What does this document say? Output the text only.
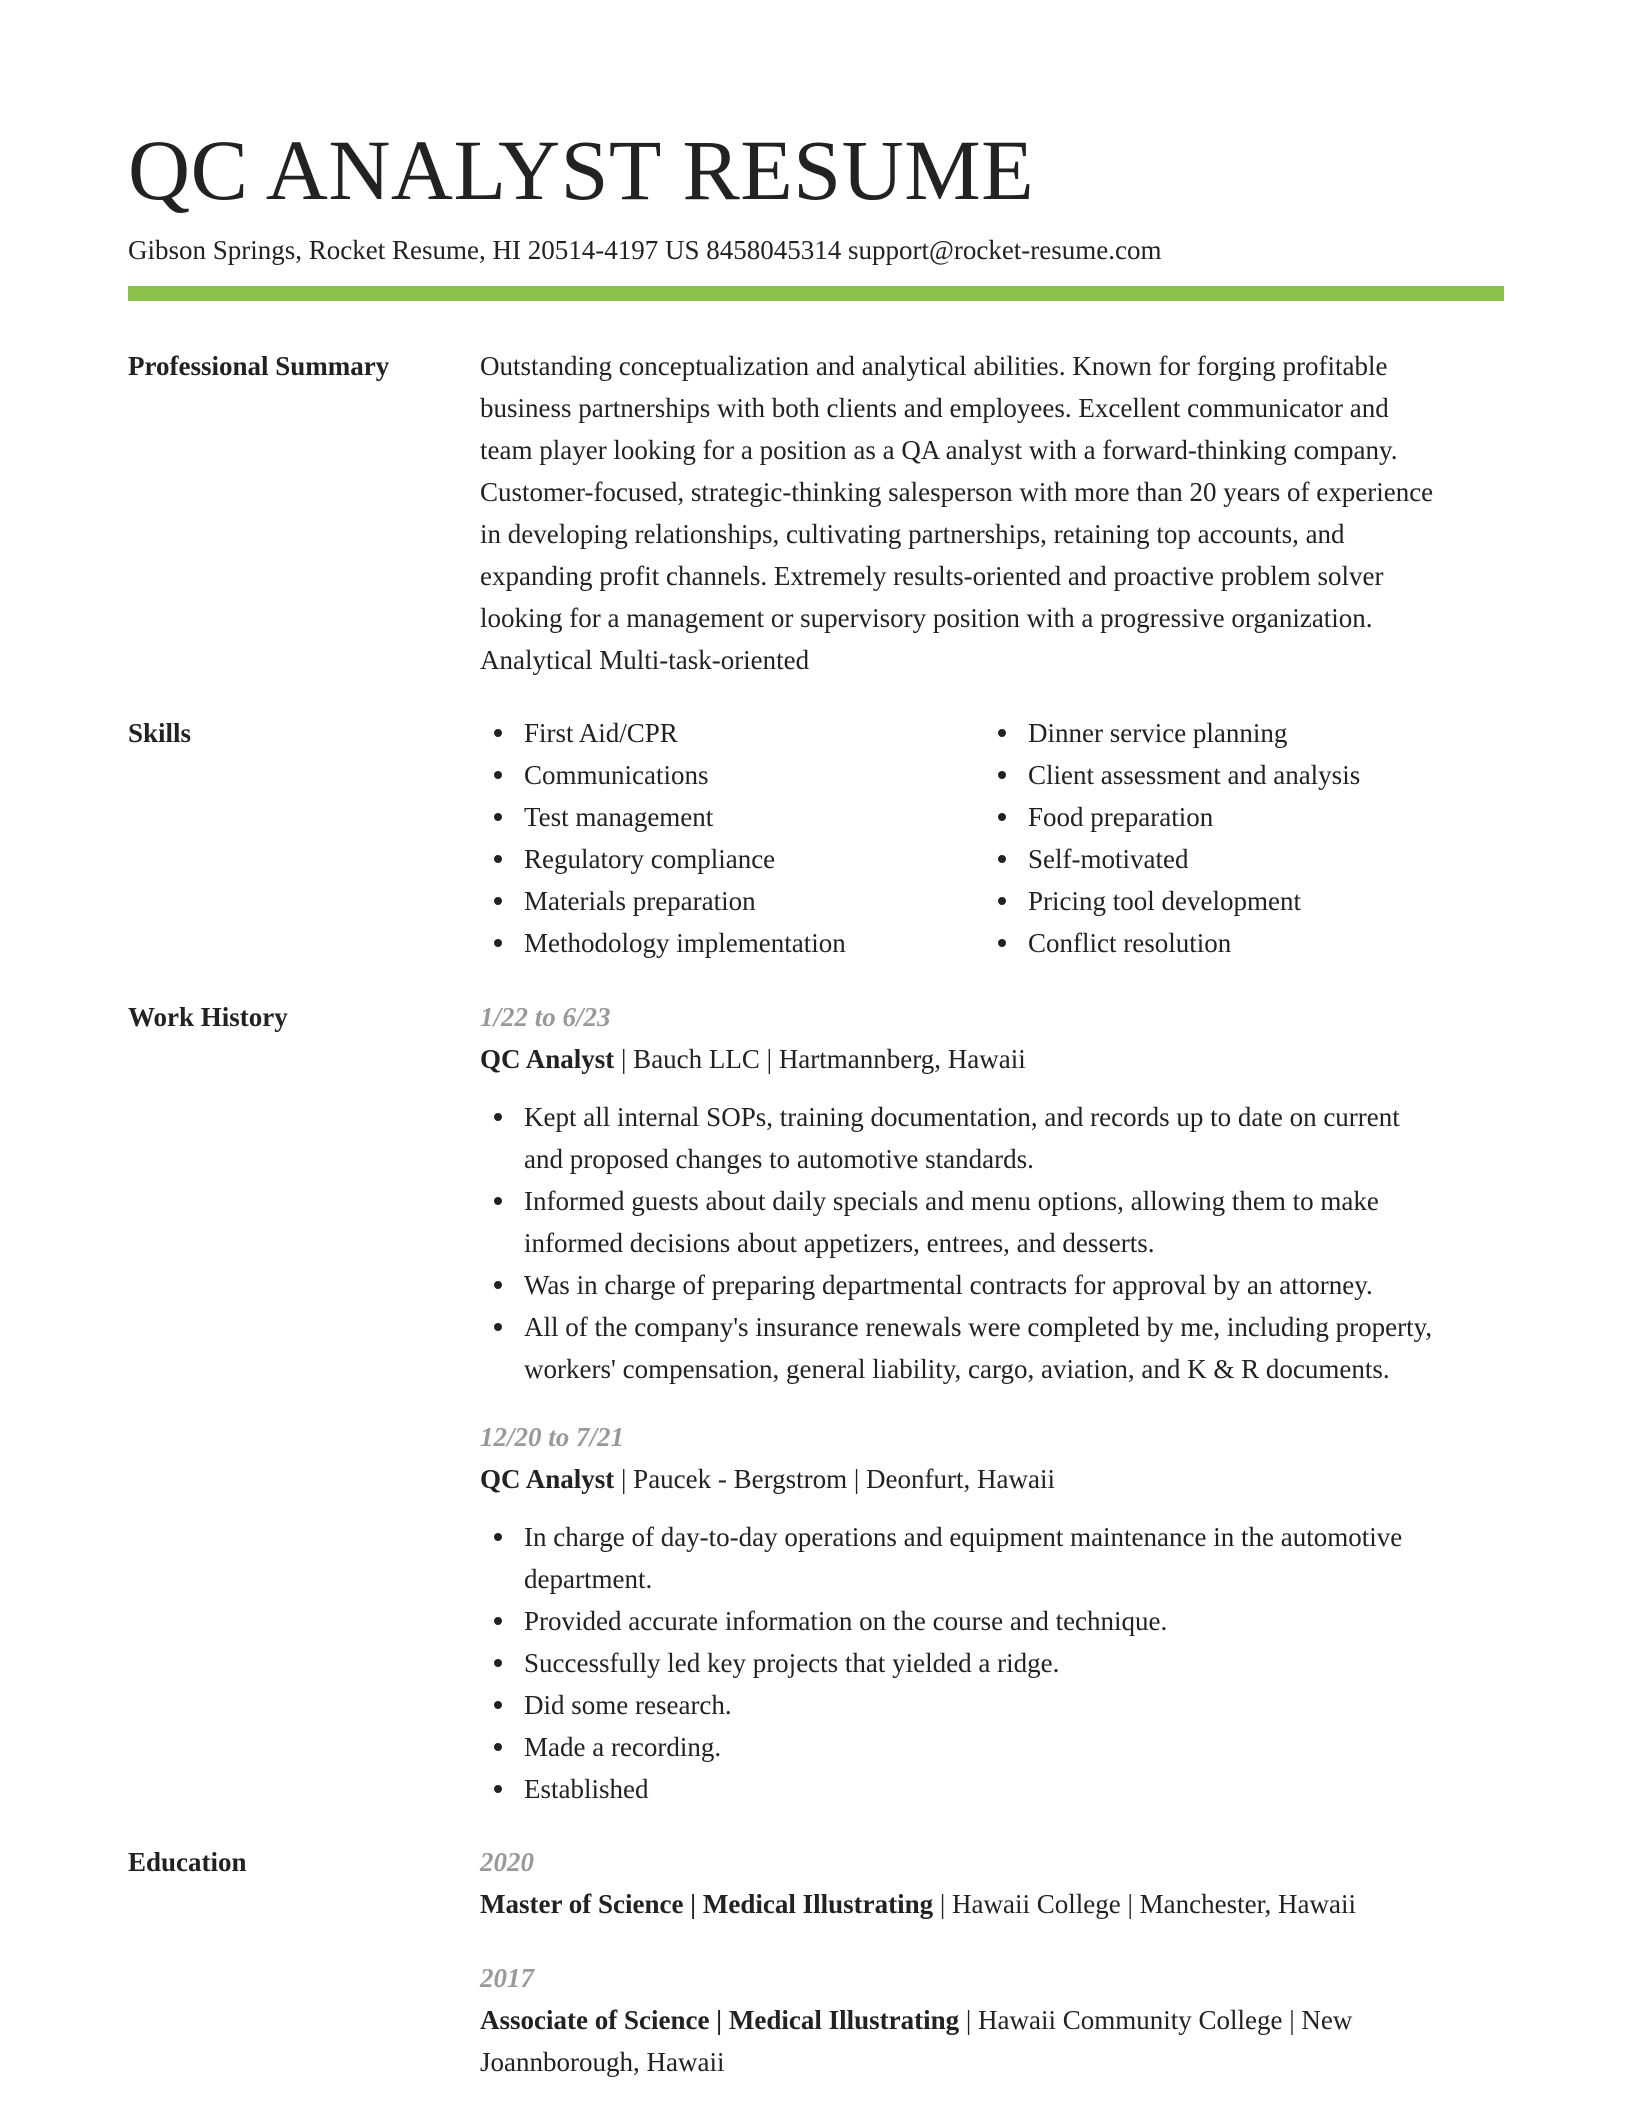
QC ANALYST RESUME
Gibson Springs, Rocket Resume, HI 20514-4197 US 8458045314 support@rocket-resume.com
Professional Summary	Outstanding conceptualization and analytical abilities. Known for forging profitable
business partnerships with both clients and employees. Excellent communicator and
team player looking for a position as a QA analyst with a forward-thinking company.
Customer-focused, strategic-thinking salesperson with more than 20 years of experience
in developing relationships, cultivating partnerships, retaining top accounts, and
expanding profit channels. Extremely results-oriented and proactive problem solver
looking for a management or supervisory position with a progressive organization.
Analytical Multi-task-oriented
Skills	First Aid/CPR
Communications
Test management
Regulatory compliance
Materials preparation
Methodology implementation
Dinner service planning
Client assessment and analysis
Food preparation
Self-motivated
Pricing tool development
Conflict resolution
Work History	1/22 to 6/23
QC Analyst | Bauch LLC | Hartmannberg, Hawaii
Kept all internal SOPs, training documentation, and records up to date on current
and proposed changes to automotive standards.
Informed guests about daily specials and menu options, allowing them to make
informed decisions about appetizers, entrees, and desserts.
Was in charge of preparing departmental contracts for approval by an attorney.
All of the company's insurance renewals were completed by me, including property,
workers' compensation, general liability, cargo, aviation, and K & R documents.
12/20 to 7/21
QC Analyst | Paucek - Bergstrom | Deonfurt, Hawaii
In charge of day-to-day operations and equipment maintenance in the automotive
department.
Provided accurate information on the course and technique.
Successfully led key projects that yielded a ridge.
Did some research.
Made a recording.
Established
Education	2020
Master of Science | Medical Illustrating | Hawaii College | Manchester, Hawaii
2017
Associate of Science | Medical Illustrating | Hawaii Community College | New
Joannborough, Hawaii
